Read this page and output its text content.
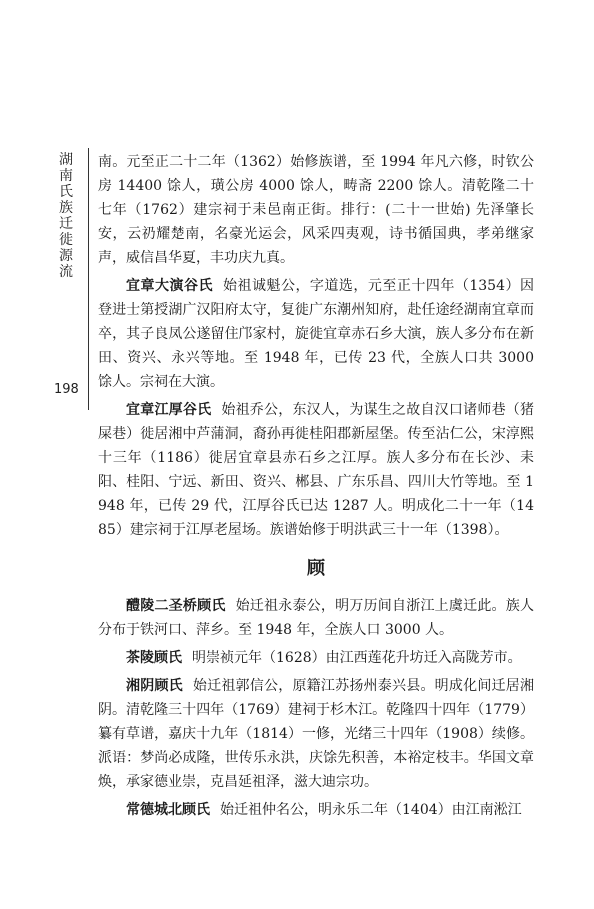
湖南氏族迁徙源流
198

南。元至正二十二年（1362）始修族谱，至 1994 年凡六修，时钦公房 14400 馀人，璜公房 4000 馀人，畴斋 2200 馀人。清乾隆二十七年（1762）建宗祠于耒邑南正街。排行：(二十一世始) 先泽肇长安，云礽耀楚南，名豪光运会，风采四夷观，诗书循国典，孝弟继家声，威信昌华夏，丰功庆九真。

宜章大演谷氏 始祖诚魁公，字道选，元至正十四年（1354）因登进士第授湖广汉阳府太守，复徙广东潮州知府，赴任途经湖南宜章而卒，其子良凤公遂留住邝家村，旋徙宜章赤石乡大演，族人多分布在新田、资兴、永兴等地。至 1948 年，已传 23 代，全族人口共 3000 馀人。宗祠在大演。

宜章江厚谷氏 始祖乔公，东汉人，为谋生之故自汉口诸师巷（猪屎巷）徙居湘中芦蒲洞，裔孙再徙桂阳郡新屋堡。传至沾仁公，宋淳熙十三年（1186）徙居宜章县赤石乡之江厚。族人多分布在长沙、耒阳、桂阳、宁远、新田、资兴、郴县、广东乐昌、四川大竹等地。至 1948 年，已传 29 代，江厚谷氏已达 1287 人。明成化二十一年（1485）建宗祠于江厚老屋场。族谱始修于明洪武三十一年（1398）。

顾

醴陵二圣桥顾氏 始迁祖永泰公，明万历间自浙江上虞迁此。族人分布于铁河口、萍乡。至 1948 年，全族人口 3000 人。

茶陵顾氏 明崇祯元年（1628）由江西莲花升坊迁入高陇芳市。

湘阴顾氏 始迁祖郭信公，原籍江苏扬州泰兴县。明成化间迁居湘阴。清乾隆三十四年（1769）建祠于杉木江。乾隆四十四年（1779）纂有草谱，嘉庆十九年（1814）一修，光绪三十四年（1908）续修。派语：梦尚必成隆，世传乐永洪，庆馀先积善，本裕定枝丰。华国文章焕，承家德业崇，克昌延祖泽，滋大迪宗功。

常德城北顾氏 始迁祖仲名公，明永乐二年（1404）由江南淞江
